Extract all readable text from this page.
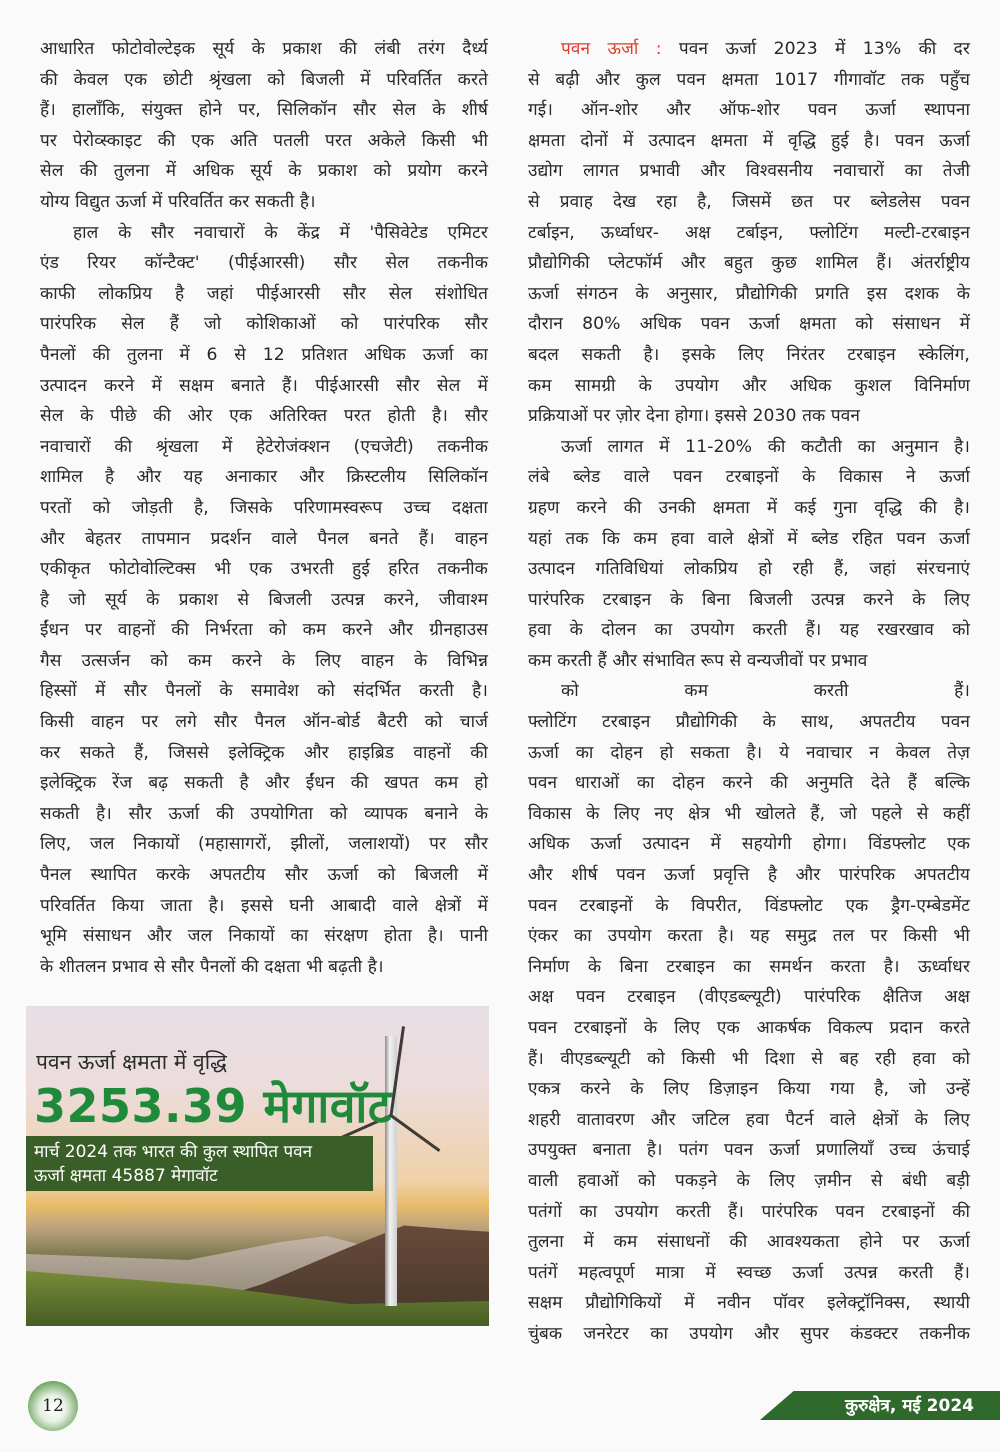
आधारित फोटोवोल्टेइक सूर्य के प्रकाश की लंबी तरंग दैर्ध्य
की केवल एक छोटी श्रृंखला को बिजली में परिवर्तित करते
हैं। हालाँकि, संयुक्त होने पर, सिलिकॉन सौर सेल के शीर्ष
पर पेरोव्स्काइट की एक अति पतली परत अकेले किसी भी
सेल की तुलना में अधिक सूर्य के प्रकाश को प्रयोग करने
योग्य विद्युत ऊर्जा में परिवर्तित कर सकती है।
हाल के सौर नवाचारों के केंद्र में 'पैसिवेटेड एमिटर
एंड रियर कॉन्टैक्ट' (पीईआरसी) सौर सेल तकनीक
काफी लोकप्रिय है जहां पीईआरसी सौर सेल संशोधित
पारंपरिक सेल हैं जो कोशिकाओं को पारंपरिक सौर
पैनलों की तुलना में 6 से 12 प्रतिशत अधिक ऊर्जा का
उत्पादन करने में सक्षम बनाते हैं। पीईआरसी सौर सेल में
सेल के पीछे की ओर एक अतिरिक्त परत होती है। सौर
नवाचारों की श्रृंखला में हेटेरोजंक्शन (एचजेटी) तकनीक
शामिल है और यह अनाकार और क्रिस्टलीय सिलिकॉन
परतों को जोड़ती है, जिसके परिणामस्वरूप उच्च दक्षता
और बेहतर तापमान प्रदर्शन वाले पैनल बनते हैं। वाहन
एकीकृत फोटोवोल्टिक्स भी एक उभरती हुई हरित तकनीक
है जो सूर्य के प्रकाश से बिजली उत्पन्न करने, जीवाश्म
ईंधन पर वाहनों की निर्भरता को कम करने और ग्रीनहाउस
गैस उत्सर्जन को कम करने के लिए वाहन के विभिन्न
हिस्सों में सौर पैनलों के समावेश को संदर्भित करती है।
किसी वाहन पर लगे सौर पैनल ऑन-बोर्ड बैटरी को चार्ज
कर सकते हैं, जिससे इलेक्ट्रिक और हाइब्रिड वाहनों की
इलेक्ट्रिक रेंज बढ़ सकती है और ईंधन की खपत कम हो
सकती है। सौर ऊर्जा की उपयोगिता को व्यापक बनाने के
लिए, जल निकायों (महासागरों, झीलों, जलाशयों) पर सौर
पैनल स्थापित करके अपतटीय सौर ऊर्जा को बिजली में
परिवर्तित किया जाता है। इससे घनी आबादी वाले क्षेत्रों में
भूमि संसाधन और जल निकायों का संरक्षण होता है। पानी
के शीतलन प्रभाव से सौर पैनलों की दक्षता भी बढ़ती है।
पवन ऊर्जा : पवन ऊर्जा 2023 में 13% की दर
से बढ़ी और कुल पवन क्षमता 1017 गीगावॉट तक पहुँच
गई। ऑन-शोर और ऑफ-शोर पवन ऊर्जा स्थापना
क्षमता दोनों में उत्पादन क्षमता में वृद्धि हुई है। पवन ऊर्जा
उद्योग लागत प्रभावी और विश्वसनीय नवाचारों का तेजी
से प्रवाह देख रहा है, जिसमें छत पर ब्लेडलेस पवन
टर्बाइन, ऊर्ध्वाधर- अक्ष टर्बाइन, फ्लोटिंग मल्टी-टरबाइन
प्रौद्योगिकी प्लेटफॉर्म और बहुत कुछ शामिल हैं। अंतर्राष्ट्रीय
ऊर्जा संगठन के अनुसार, प्रौद्योगिकी प्रगति इस दशक के
दौरान 80% अधिक पवन ऊर्जा क्षमता को संसाधन में
बदल सकती है। इसके लिए निरंतर टरबाइन स्केलिंग,
कम सामग्री के उपयोग और अधिक कुशल विनिर्माण
प्रक्रियाओं पर ज़ोर देना होगा। इससे 2030 तक पवन
ऊर्जा लागत में 11-20% की कटौती का अनुमान है।
लंबे ब्लेड वाले पवन टरबाइनों के विकास ने ऊर्जा
ग्रहण करने की उनकी क्षमता में कई गुना वृद्धि की है।
यहां तक कि कम हवा वाले क्षेत्रों में ब्लेड रहित पवन ऊर्जा
उत्पादन गतिविधियां लोकप्रिय हो रही हैं, जहां संरचनाएं
पारंपरिक टरबाइन के बिना बिजली उत्पन्न करने के लिए
हवा के दोलन का उपयोग करती हैं। यह रखरखाव को
कम करती हैं और संभावित रूप से वन्यजीवों पर प्रभाव
को कम करती हैं।
फ्लोटिंग टरबाइन प्रौद्योगिकी के साथ, अपतटीय पवन
ऊर्जा का दोहन हो सकता है। ये नवाचार न केवल तेज़
पवन धाराओं का दोहन करने की अनुमति देते हैं बल्कि
विकास के लिए नए क्षेत्र भी खोलते हैं, जो पहले से कहीं
अधिक ऊर्जा उत्पादन में सहयोगी होगा। विंडफ्लोट एक
और शीर्ष पवन ऊर्जा प्रवृत्ति है और पारंपरिक अपतटीय
पवन टरबाइनों के विपरीत, विंडफ्लोट एक ड्रैग-एम्बेडमेंट
एंकर का उपयोग करता है। यह समुद्र तल पर किसी भी
निर्माण के बिना टरबाइन का समर्थन करता है। ऊर्ध्वाधर
अक्ष पवन टरबाइन (वीएडब्ल्यूटी) पारंपरिक क्षैतिज अक्ष
पवन टरबाइनों के लिए एक आकर्षक विकल्प प्रदान करते
हैं। वीएडब्ल्यूटी को किसी भी दिशा से बह रही हवा को
एकत्र करने के लिए डिज़ाइन किया गया है, जो उन्हें
शहरी वातावरण और जटिल हवा पैटर्न वाले क्षेत्रों के लिए
उपयुक्त बनाता है। पतंग पवन ऊर्जा प्रणालियाँ उच्च ऊंचाई
वाली हवाओं को पकड़ने के लिए ज़मीन से बंधी बड़ी
पतंगों का उपयोग करती हैं। पारंपरिक पवन टरबाइनों की
तुलना में कम संसाधनों की आवश्यकता होने पर ऊर्जा
पतंगें महत्वपूर्ण मात्रा में स्वच्छ ऊर्जा उत्पन्न करती हैं।
सक्षम प्रौद्योगिकियों में नवीन पॉवर इलेक्ट्रॉनिक्स, स्थायी
चुंबक जनरेटर का उपयोग और सुपर कंडक्टर तकनीक
पवन ऊर्जा क्षमता में वृद्धि
3253.39 मेगावॉट
मार्च 2024 तक भारत की कुल स्थापित पवन
ऊर्जा क्षमता 45887 मेगावॉट
12	कुरुक्षेत्र, मई 2024
